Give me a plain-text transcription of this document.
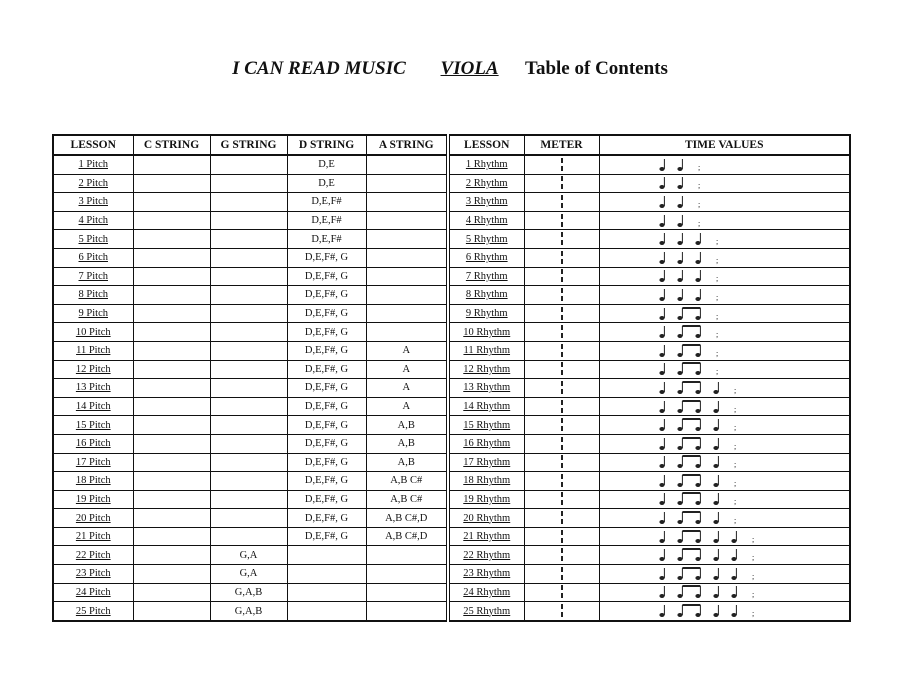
I CAN READ MUSIC VIOLA Table of Contents
LESSON	C STRING	G STRING	D STRING	A STRING	LESSON	METER	TIME VALUES
1 Pitch			D,E		1 Rhythm		;

2 Pitch			D,E		2 Rhythm		;

3 Pitch			D,E,F#		3 Rhythm		;

4 Pitch			D,E,F#		4 Rhythm		;

5 Pitch			D,E,F#		5 Rhythm		;

6 Pitch			D,E,F#, G		6 Rhythm		;

7 Pitch			D,E,F#, G		7 Rhythm		;

8 Pitch			D,E,F#, G		8 Rhythm		;

9 Pitch			D,E,F#, G		9 Rhythm		;

10 Pitch			D,E,F#, G		10 Rhythm		;

11 Pitch			D,E,F#, G	A	11 Rhythm		;

12 Pitch			D,E,F#, G	A	12 Rhythm		;

13 Pitch			D,E,F#, G	A	13 Rhythm		;

14 Pitch			D,E,F#, G	A	14 Rhythm		;

15 Pitch			D,E,F#, G	A,B	15 Rhythm		;

16 Pitch			D,E,F#, G	A,B	16 Rhythm		;

17 Pitch			D,E,F#, G	A,B	17 Rhythm		;

18 Pitch			D,E,F#, G	A,B C#	18 Rhythm		;

19 Pitch			D,E,F#, G	A,B C#	19 Rhythm		;

20 Pitch			D,E,F#, G	A,B C#,D	20 Rhythm		;

21 Pitch			D,E,F#, G	A,B C#,D	21 Rhythm		;

22 Pitch		G,A			22 Rhythm		;

23 Pitch		G,A			23 Rhythm		;

24 Pitch		G,A,B			24 Rhythm		;

25 Pitch		G,A,B			25 Rhythm		;
